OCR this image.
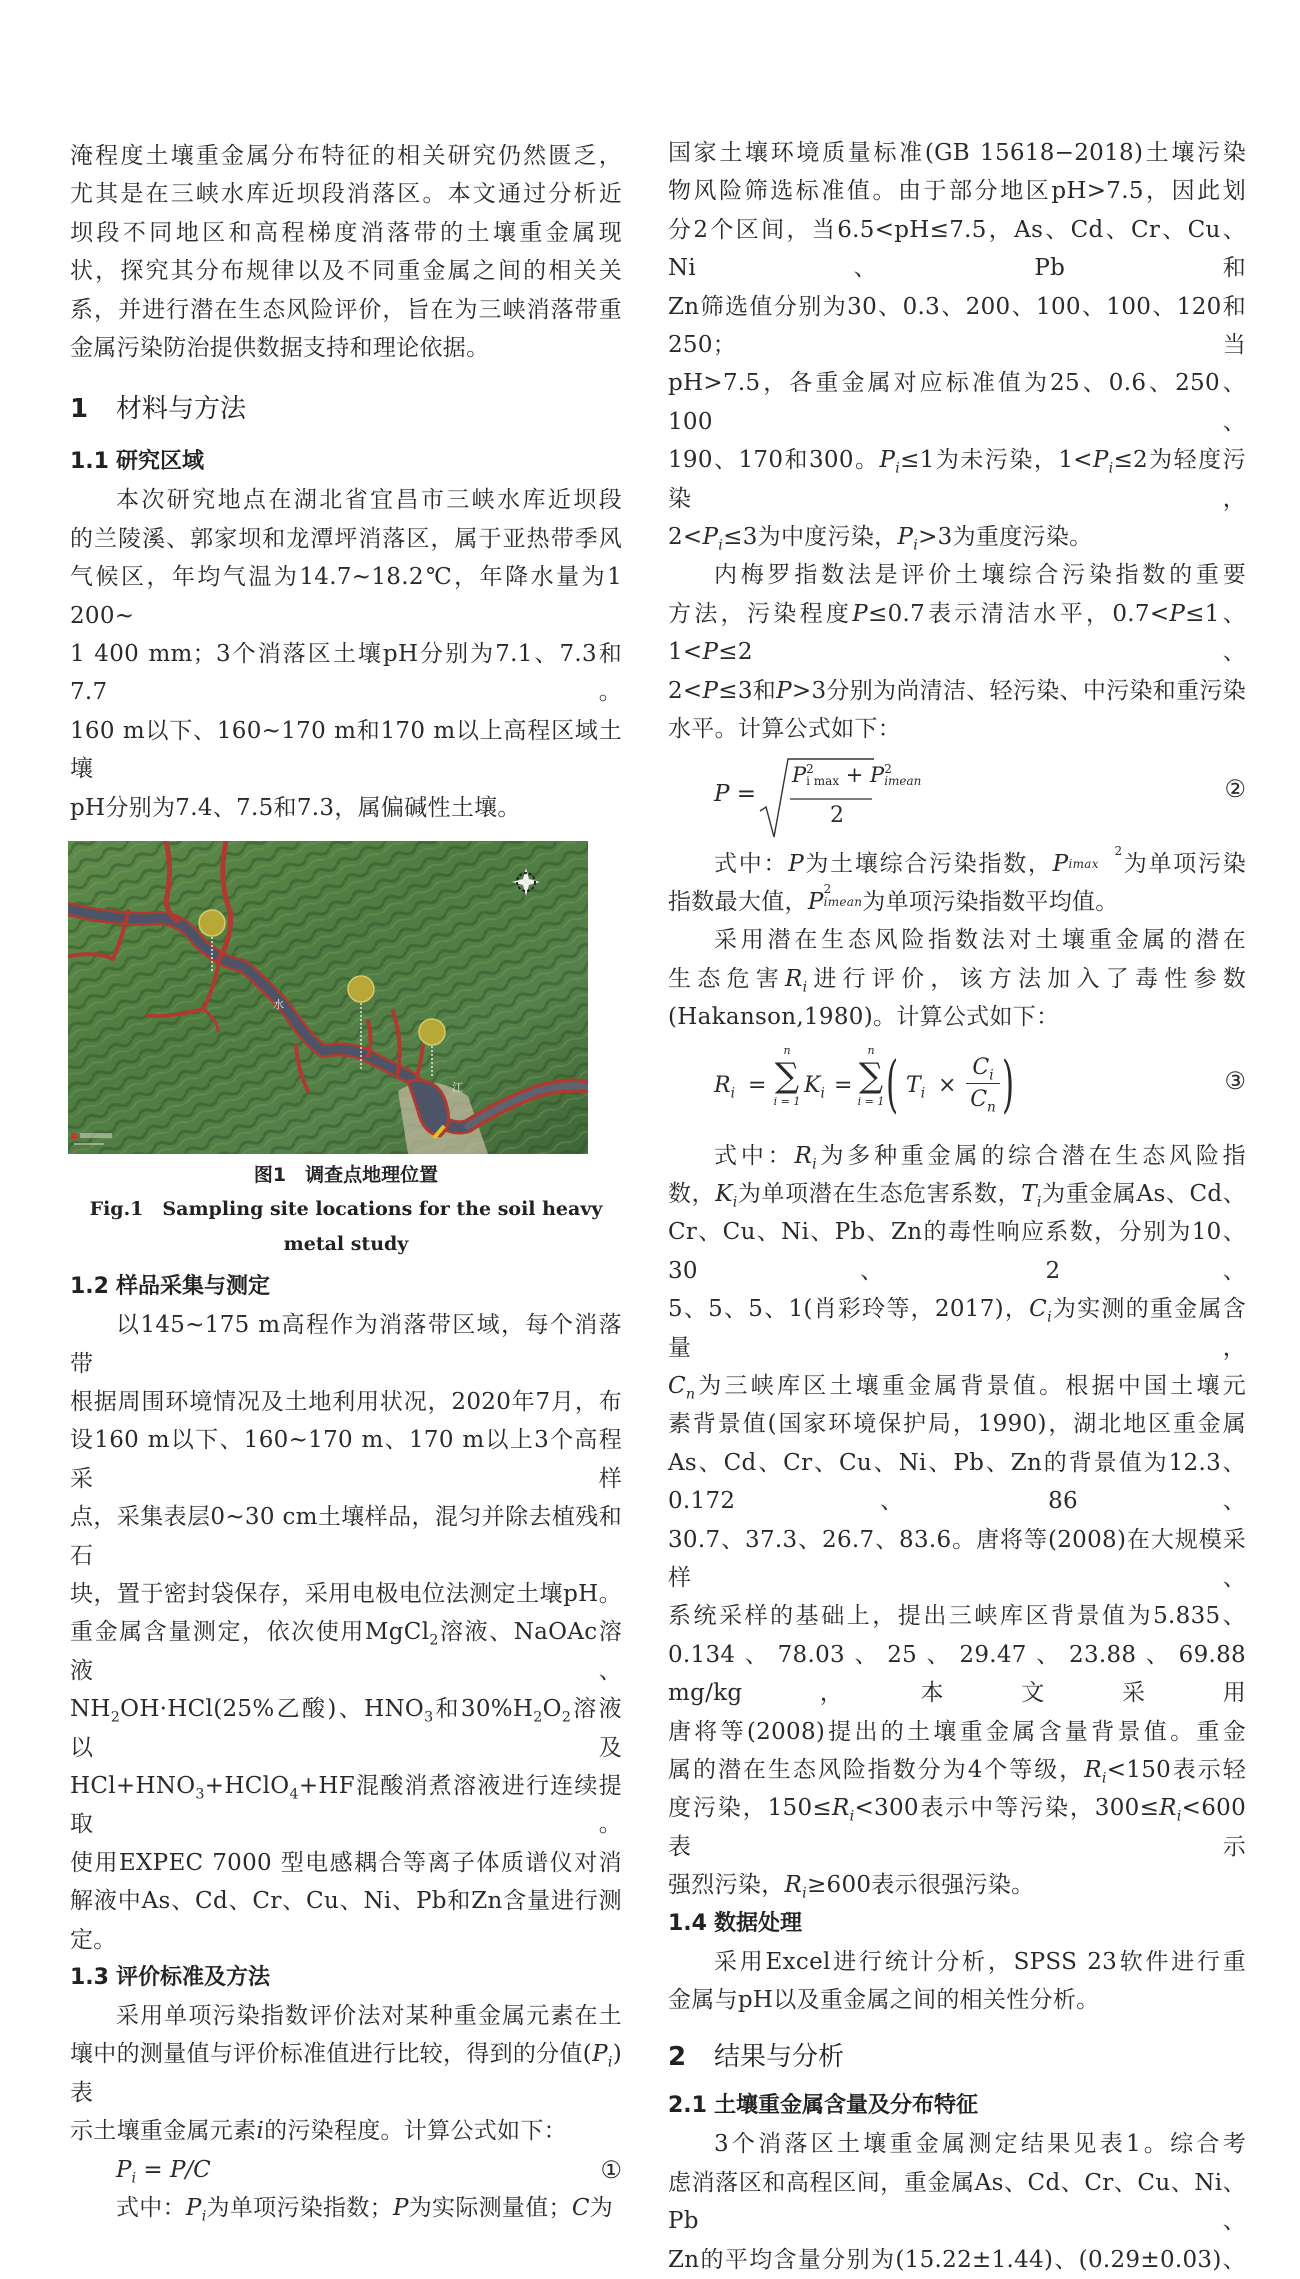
淹程度土壤重金属分布特征的相关研究仍然匮乏，

尤其是在三峡水库近坝段消落区。本文通过分析近

坝段不同地区和高程梯度消落带的土壤重金属现

状，探究其分布规律以及不同重金属之间的相关关

系，并进行潜在生态风险评价，旨在为三峡消落带重

金属污染防治提供数据支持和理论依据。

1 材料与方法
1.1 研究区域

本次研究地点在湖北省宜昌市三峡水库近坝段

的兰陵溪、郭家坝和龙潭坪消落区，属于亚热带季风

气候区，年均气温为14.7~18.2℃，年降水量为1 200~

1 400 mm；3个消落区土壤pH分别为7.1、7.3和7.7。

160 m以下、160~170 m和170 m以上高程区域土壤

pH分别为7.4、7.5和7.3，属偏碱性土壤。

水
江
图1　调查点地理位置
Fig.1　Sampling site locations for the soil heavy
metal study
1.2 样品采集与测定

以145~175 m高程作为消落带区域，每个消落带

根据周围环境情况及土地利用状况，2020年7月，布

设160 m以下、160~170 m、170 m以上3个高程采样

点，采集表层0~30 cm土壤样品，混匀并除去植残和石

块，置于密封袋保存，采用电极电位法测定土壤pH。

重金属含量测定，依次使用MgCl$_2$溶液、NaOAc溶液、

$NH_2OH\cdot HCl(25\%$乙酸)、$HNO_3$和$30\%H_2O_2$溶液以及

$HCl+HNO_3+HClO_4+HF$混酸消煮溶液进行连续提取。

使用EXPEC 7000 型电感耦合等离子体质谱仪对消

解液中As、Cd、Cr、Cu、Ni、Pb和Zn含量进行测定。

1.3 评价标准及方法

采用单项污染指数评价法对某种重金属元素在土

壤中的测量值与评价标准值进行比较，得到的分值$(P_i)$表

示土壤重金属元素i的污染程度。计算公式如下：

$P_i = P/C$	①

式中：$P_i$为单项污染指数；P为实际测量值；C为

国家土壤环境质量标准(GB 15618−2018)土壤污染

物风险筛选标准值。由于部分地区pH>7.5，因此划

分2个区间，当6.5<pH≤7.5，As、Cd、Cr、Cu、Ni、Pb和

Zn筛选值分别为30、0.3、200、100、100、120和250；当

pH>7.5，各重金属对应标准值为25、0.6、250、100、

190、170和300。$P_i\le 1$为未污染，$1<P_i\le 2$为轻度污染，

$2<P_i\le 3$为中度污染，$P_i>3$为重度污染。

内梅罗指数法是评价土壤综合污染指数的重要

方法，污染程度P≤0.7表示清洁水平，0.7<P≤1、1<P≤2、

2<P≤3和P>3分别为尚清洁、轻污染、中污染和重污染

水平。计算公式如下：

P =
P2
i max + P2
imean
2
②

式中：P为土壤综合污染指数，P	2
imax 为单项污染

指数最大值，P2
imean为单项污染指数平均值。

采用潜在生态风险指数法对土壤重金属的潜在

生态危害$R_i$进行评价，该方法加入了毒性参数

(Hakanson,1980)。计算公式如下：

$R_i$ =
n
∑
i = 1
$K_i$ =
n
∑
i = 1 ( $T_i$ ×
$C_i$
$C_n$ )	③

式中：$R_i$为多种重金属的综合潜在生态风险指

数，$K_i$为单项潜在生态危害系数，$T_i$为重金属As、Cd、

Cr、Cu、Ni、Pb、Zn的毒性响应系数，分别为10、30、2、

5、5、5、1(肖彩玲等，2017)，$C_i$为实测的重金属含量，

$C_n$为三峡库区土壤重金属背景值。根据中国土壤元

素背景值(国家环境保护局，1990)，湖北地区重金属

As、Cd、Cr、Cu、Ni、Pb、Zn的背景值为12.3、0.172、86、

30.7、37.3、26.7、83.6。唐将等(2008)在大规模采样、

系统采样的基础上，提出三峡库区背景值为5.835、

0.134、78.03、25、29.47、23.88、69.88 mg/kg，本文采用

唐将等(2008)提出的土壤重金属含量背景值。重金

属的潜在生态风险指数分为4个等级，$R_i<150$表示轻

度污染，$150\le R_i<300$表示中等污染，$300\le R_i<600$表示

强烈污染，$R_i\ge 600$表示很强污染。

1.4 数据处理

采用Excel进行统计分析，SPSS 23软件进行重

金属与pH以及重金属之间的相关性分析。

2 结果与分析
2.1 土壤重金属含量及分布特征

3个消落区土壤重金属测定结果见表1。综合考

虑消落区和高程区间，重金属As、Cd、Cr、Cu、Ni、Pb、

Zn的平均含量分别为(15.22±1.44)、(0.29±0.03)、
